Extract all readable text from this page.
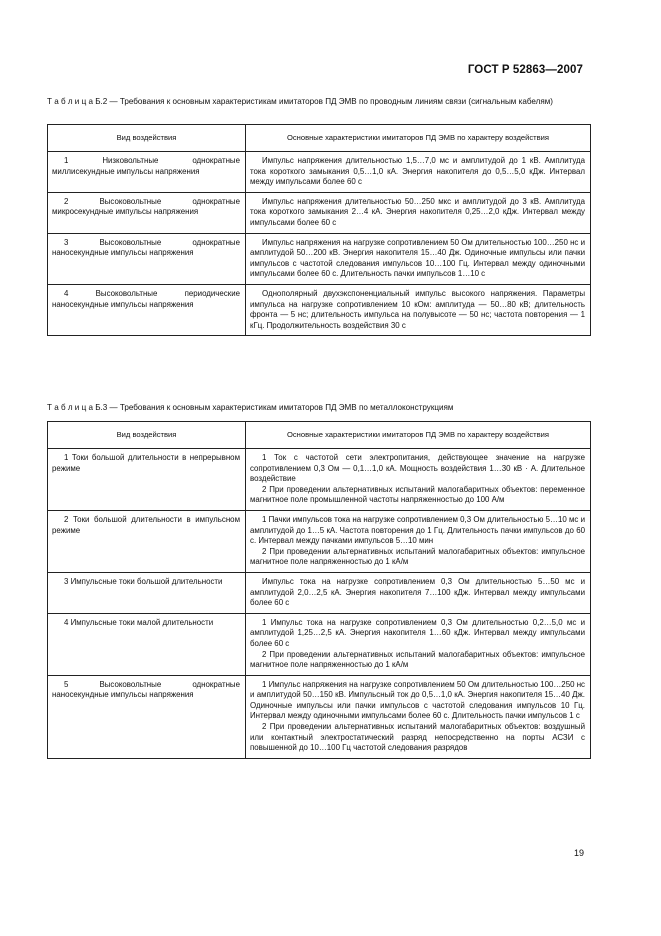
ГОСТ Р 52863—2007
Т а б л и ц а Б.2 — Требования к основным характеристикам имитаторов ПД ЭМВ по проводным линиям связи (сигнальным кабелям)
Вид воздействия	Основные характеристики имитаторов ПД ЭМВ по характеру воздействия

1 Низковольтные однократные миллисекундные импульсы напряжения	Импульс напряжения длительностью 1,5…7,0 мс и амплитудой до 1 кВ. Амплитуда тока короткого замыкания 0,5…1,0 кА. Энергия накопителя до 0,5…5,0 кДж. Интервал между импульсами более 60 с

2 Высоковольтные однократные микросекундные импульсы напряжения	Импульс напряжения длительностью 50…250 мкс и амплитудой до 3 кВ. Амплитуда тока короткого замыкания 2…4 кА. Энергия накопителя 0,25…2,0 кДж. Интервал между импульсами более 60 с

3 Высоковольтные однократные наносекундные импульсы напряжения	Импульс напряжения на нагрузке сопротивлением 50 Ом длительностью 100…250 нс и амплитудой 50…200 кВ. Энергия накопителя 15…40 Дж. Одиночные импульсы или пачки импульсов с частотой следования импульсов 10…100 Гц. Интервал между одиночными импульсами более 60 с. Длительность пачки импульсов 1…10 с

4 Высоковольтные периодические наносекундные импульсы напряжения	Однополярный двухэкспоненциальный импульс высокого напряжения. Параметры импульса на нагрузке сопротивлением 10 кОм: амплитуда — 50…80 кВ; длительность фронта — 5 нс; длительность импульса на полувысоте — 50 нс; частота повторения — 1 кГц. Продолжительность воздействия 30 с

Т а б л и ц а Б.3 — Требования к основным характеристикам имитаторов ПД ЭМВ по металлоконструкциям
Вид воздействия	Основные характеристики имитаторов ПД ЭМВ по характеру воздействия

1 Токи большой длительности в непрерывном режиме	1 Ток с частотой сети электропитания, действующее значение на нагрузке сопротивлением 0,3 Ом — 0,1…1,0 кА. Мощность воздействия 1…30 кВ · А. Длительное воздействие

2 При проведении альтернативных испытаний малогабаритных объектов: переменное магнитное поле промышленной частоты напряженностью до 100 А/м

2 Токи большой длительности в импульсном режиме	1 Пачки импульсов тока на нагрузке сопротивлением 0,3 Ом длительностью 5…10 мс и амплитудой до 1…5 кА. Частота повторения до 1 Гц. Длительность пачки импульсов до 60 с. Интервал между пачками импульсов 5…10 мин

2 При проведении альтернативных испытаний малогабаритных объектов: импульсное магнитное поле напряженностью до 1 кА/м

3 Импульсные токи большой длительности	Импульс тока на нагрузке сопротивлением 0,3 Ом длительностью 5…50 мс и амплитудой 2,0…2,5 кА. Энергия накопителя 7…100 кДж. Интервал между импульсами более 60 с

4 Импульсные токи малой длительности	1 Импульс тока на нагрузке сопротивлением 0,3 Ом длительностью 0,2…5,0 мс и амплитудой 1,25…2,5 кА. Энергия накопителя 1…60 кДж. Интервал между импульсами более 60 с

2 При проведении альтернативных испытаний малогабаритных объектов: импульсное магнитное поле напряженностью до 1 кА/м

5 Высоковольтные однократные наносекундные импульсы напряжения	1 Импульс напряжения на нагрузке сопротивлением 50 Ом длительностью 100…250 нс и амплитудой 50…150 кВ. Импульсный ток до 0,5…1,0 кА. Энергия накопителя 15…40 Дж. Одиночные импульсы или пачки импульсов с частотой следования импульсов 10 Гц. Интервал между одиночными импульсами более 60 с. Длительность пачки импульсов 1 с

2 При проведении альтернативных испытаний малогабаритных объектов: воздушный или контактный электростатический разряд непосредственно на порты АСЗИ с повышенной до 10…100 Гц частотой следования разрядов

19
